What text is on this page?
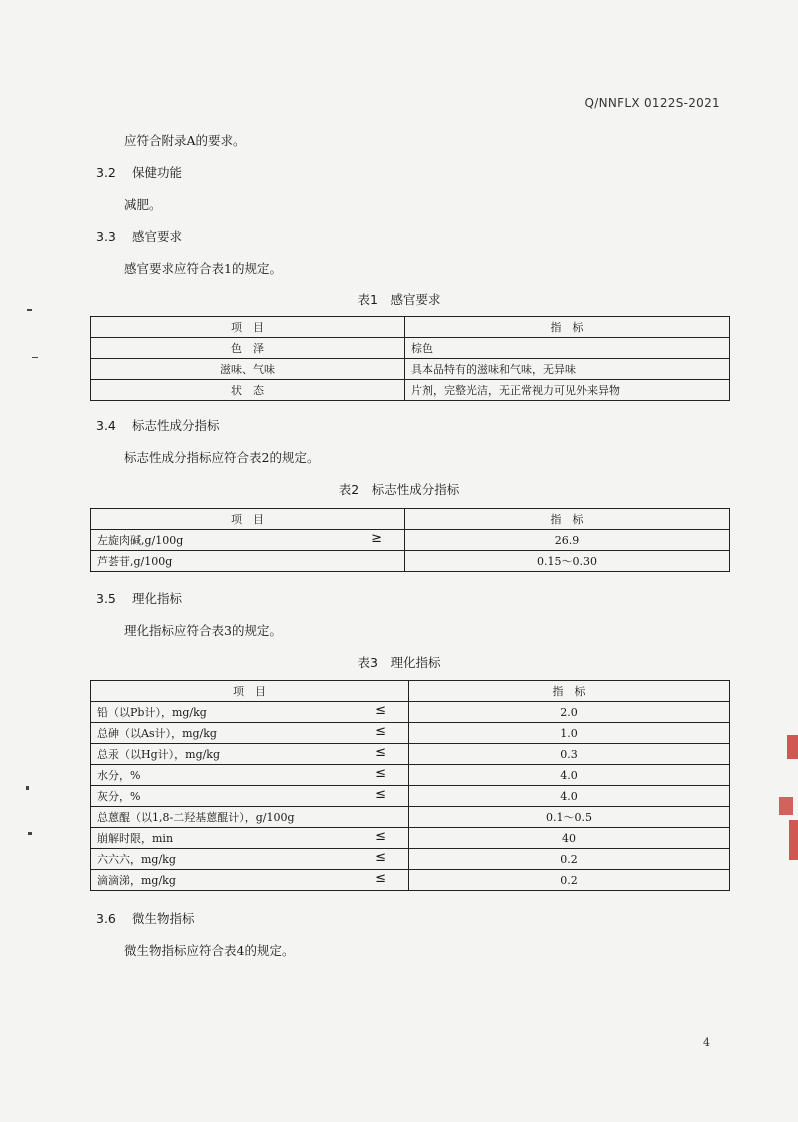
Q/NNFLX 0122S-2021
应符合附录A的要求。
3.2 保健功能
减肥。
3.3 感官要求
感官要求应符合表1的规定。
表1　感官要求
项　目	指　标
色　泽	棕色
滋味、气味	具本品特有的滋味和气味，无异味
状　态	片剂，完整光洁，无正常视力可见外来异物
3.4 标志性成分指标
标志性成分指标应符合表2的规定。
表2　标志性成分指标
项　目	指　标
左旋肉碱,g/100g ≥	26.9
芦荟苷,g/100g	0.15～0.30
3.5 理化指标
理化指标应符合表3的规定。
表3　理化指标
项　目	指　标
铅（以Pb计），mg/kg ≤	2.0
总砷（以As计），mg/kg ≤	1.0
总汞（以Hg计），mg/kg ≤	0.3
水分，% ≤	4.0
灰分，% ≤	4.0
总蒽醌（以1,8-二羟基蒽醌计），g/100g	0.1～0.5
崩解时限，min ≤	40
六六六，mg/kg ≤	0.2
滴滴涕，mg/kg ≤	0.2
3.6 微生物指标
微生物指标应符合表4的规定。
4
